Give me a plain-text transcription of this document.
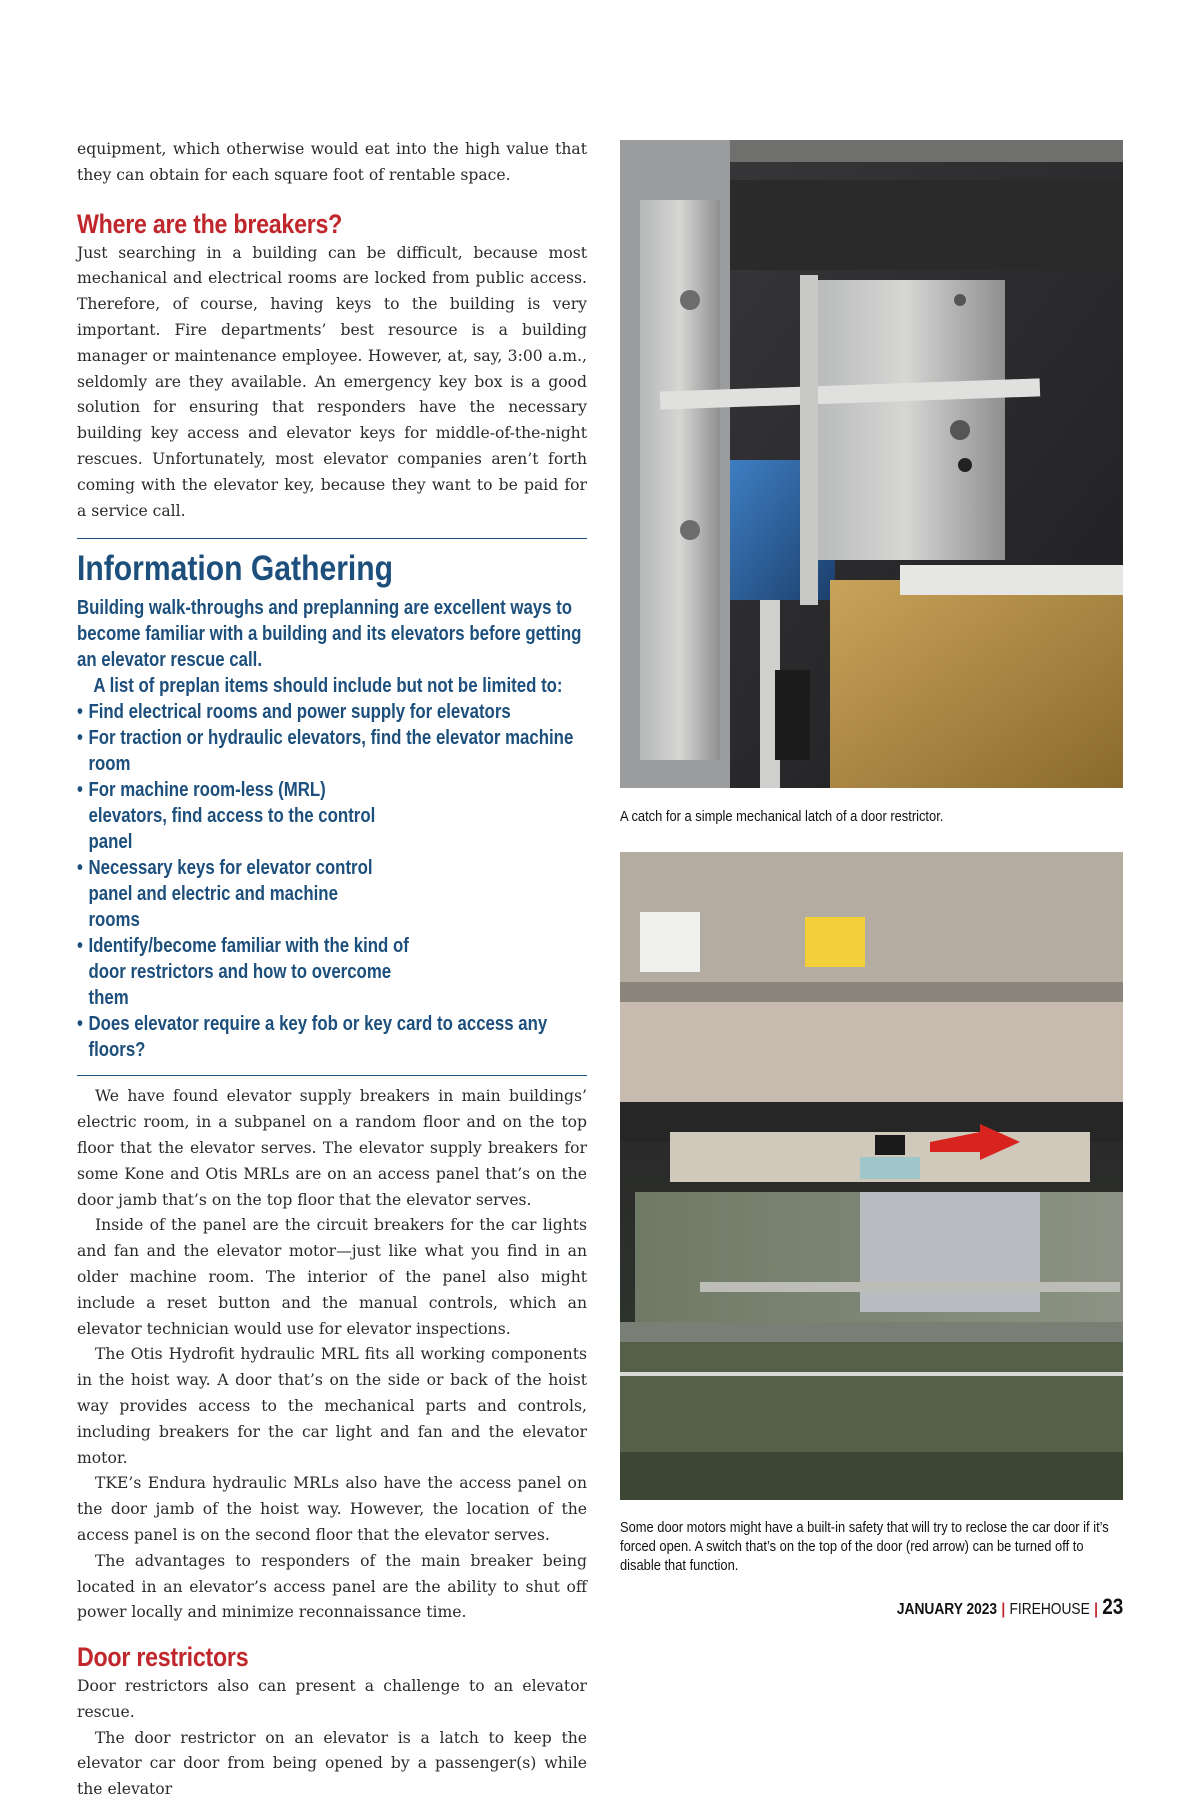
equipment, which otherwise would eat into the high value that they can obtain for each square foot of rentable space.

Where are the breakers?

Just searching in a building can be difficult, because most mechanical and electrical rooms are locked from public access. Therefore, of course, having keys to the building is very important. Fire departments’ best resource is a building manager or maintenance employee. However, at, say, 3:00 a.m., seldomly are they available. An emergency key box is a good solution for ensuring that responders have the necessary building key access and elevator keys for middle-of-the-night rescues. Unfortunately, most elevator companies aren’t forth coming with the elevator key, because they want to be paid for a service call.

Information Gathering

Building walk-throughs and preplanning are excellent ways to become familiar with a building and its elevators before getting an elevator rescue call.

A list of preplan items should include but not be limited to:

• Find electrical rooms and power supply for elevators
• For traction or hydraulic elevators, find the elevator machine room
• For machine room-less (MRL) elevators, find access to the control panel
• Necessary keys for elevator control panel and electric and machine rooms
• Identify/become familiar with the kind of door restrictors and how to overcome them
• Does elevator require a key fob or key card to access any floors?

We have found elevator supply breakers in main buildings’ electric room, in a subpanel on a random floor and on the top floor that the elevator serves. The elevator supply breakers for some Kone and Otis MRLs are on an access panel that’s on the door jamb that’s on the top floor that the elevator serves.

Inside of the panel are the circuit breakers for the car lights and fan and the elevator motor—just like what you find in an older machine room. The interior of the panel also might include a reset button and the manual controls, which an elevator technician would use for elevator inspections.

The Otis Hydrofit hydraulic MRL fits all working components in the hoist way. A door that’s on the side or back of the hoist way provides access to the mechanical parts and controls, including breakers for the car light and fan and the elevator motor.

TKE’s Endura hydraulic MRLs also have the access panel on the door jamb of the hoist way. However, the location of the access panel is on the second floor that the elevator serves.

The advantages to responders of the main breaker being located in an elevator’s access panel are the ability to shut off power locally and minimize reconnaissance time.

Door restrictors

Door restrictors also can present a challenge to an elevator rescue.

The door restrictor on an elevator is a latch to keep the elevator car door from being opened by a passenger(s) while the elevator

A catch for a simple mechanical latch of a door restrictor.
Some door motors might have a built-in safety that will try to reclose the car door if it’s forced open. A switch that’s on the top of the door (red arrow) can be turned off to disable that function.
JANUARY 2023 | FIREHOUSE | 23
